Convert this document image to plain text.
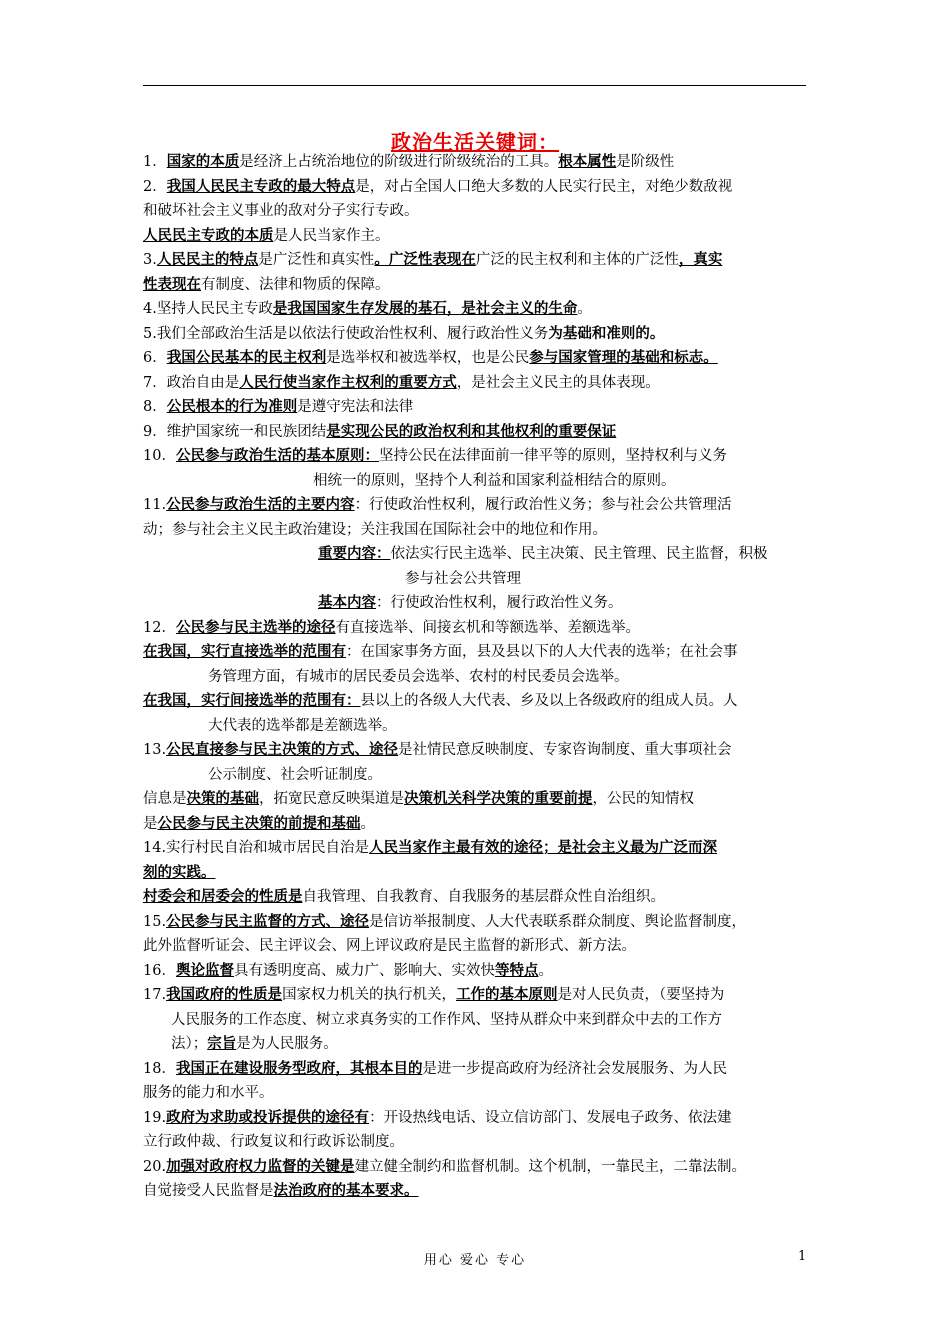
政治生活关键词：
1．国家的本质是经济上占统治地位的阶级进行阶级统治的工具。根本属性是阶级性
2．我国人民民主专政的最大特点是，对占全国人口绝大多数的人民实行民主，对绝少数敌视
和破坏社会主义事业的敌对分子实行专政。
人民民主专政的本质是人民当家作主。
3.人民民主的特点是广泛性和真实性。广泛性表现在广泛的民主权利和主体的广泛性，真实
性表现在有制度、法律和物质的保障。
4.坚持人民民主专政是我国国家生存发展的基石，是社会主义的生命。
5.我们全部政治生活是以依法行使政治性权利、履行政治性义务为基础和准则的。
6．我国公民基本的民主权利是选举权和被选举权，也是公民参与国家管理的基础和标志。
7．政治自由是人民行使当家作主权利的重要方式，是社会主义民主的具体表现。
8．公民根本的行为准则是遵守宪法和法律
9．维护国家统一和民族团结是实现公民的政治权利和其他权利的重要保证
10．公民参与政治生活的基本原则：坚持公民在法律面前一律平等的原则，坚持权利与义务
相统一的原则，坚持个人利益和国家利益相结合的原则。
11.公民参与政治生活的主要内容：行使政治性权利，履行政治性义务；参与社会公共管理活
动；参与社会主义民主政治建设；关注我国在国际社会中的地位和作用。
重要内容：依法实行民主选举、民主决策、民主管理、民主监督，积极
参与社会公共管理
基本内容：行使政治性权利，履行政治性义务。
12．公民参与民主选举的途径有直接选举、间接玄机和等额选举、差额选举。
在我国，实行直接选举的范围有：在国家事务方面，县及县以下的人大代表的选举；在社会事
务管理方面，有城市的居民委员会选举、农村的村民委员会选举。
在我国，实行间接选举的范围有：县以上的各级人大代表、乡及以上各级政府的组成人员。人
大代表的选举都是差额选举。
13.公民直接参与民主决策的方式、途径是社情民意反映制度、专家咨询制度、重大事项社会
公示制度、社会听证制度。
信息是决策的基础，拓宽民意反映渠道是决策机关科学决策的重要前提，公民的知情权
是公民参与民主决策的前提和基础。
14.实行村民自治和城市居民自治是人民当家作主最有效的途径；是社会主义最为广泛而深
刻的实践。
村委会和居委会的性质是自我管理、自我教育、自我服务的基层群众性自治组织。
15.公民参与民主监督的方式、途径是信访举报制度、人大代表联系群众制度、舆论监督制度，
此外监督听证会、民主评议会、网上评议政府是民主监督的新形式、新方法。
16．舆论监督具有透明度高、威力广、影响大、实效快等特点。
17.我国政府的性质是国家权力机关的执行机关，工作的基本原则是对人民负责，（要坚持为
人民服务的工作态度、树立求真务实的工作作风、坚持从群众中来到群众中去的工作方
法）；宗旨是为人民服务。
18．我国正在建设服务型政府，其根本目的是进一步提高政府为经济社会发展服务、为人民
服务的能力和水平。
19.政府为求助或投诉提供的途径有：开设热线电话、设立信访部门、发展电子政务、依法建
立行政仲裁、行政复议和行政诉讼制度。
20.加强对政府权力监督的关键是建立健全制约和监督机制。这个机制，一靠民主，二靠法制。
自觉接受人民监督是法治政府的基本要求。
用心 爱心 专心	1
